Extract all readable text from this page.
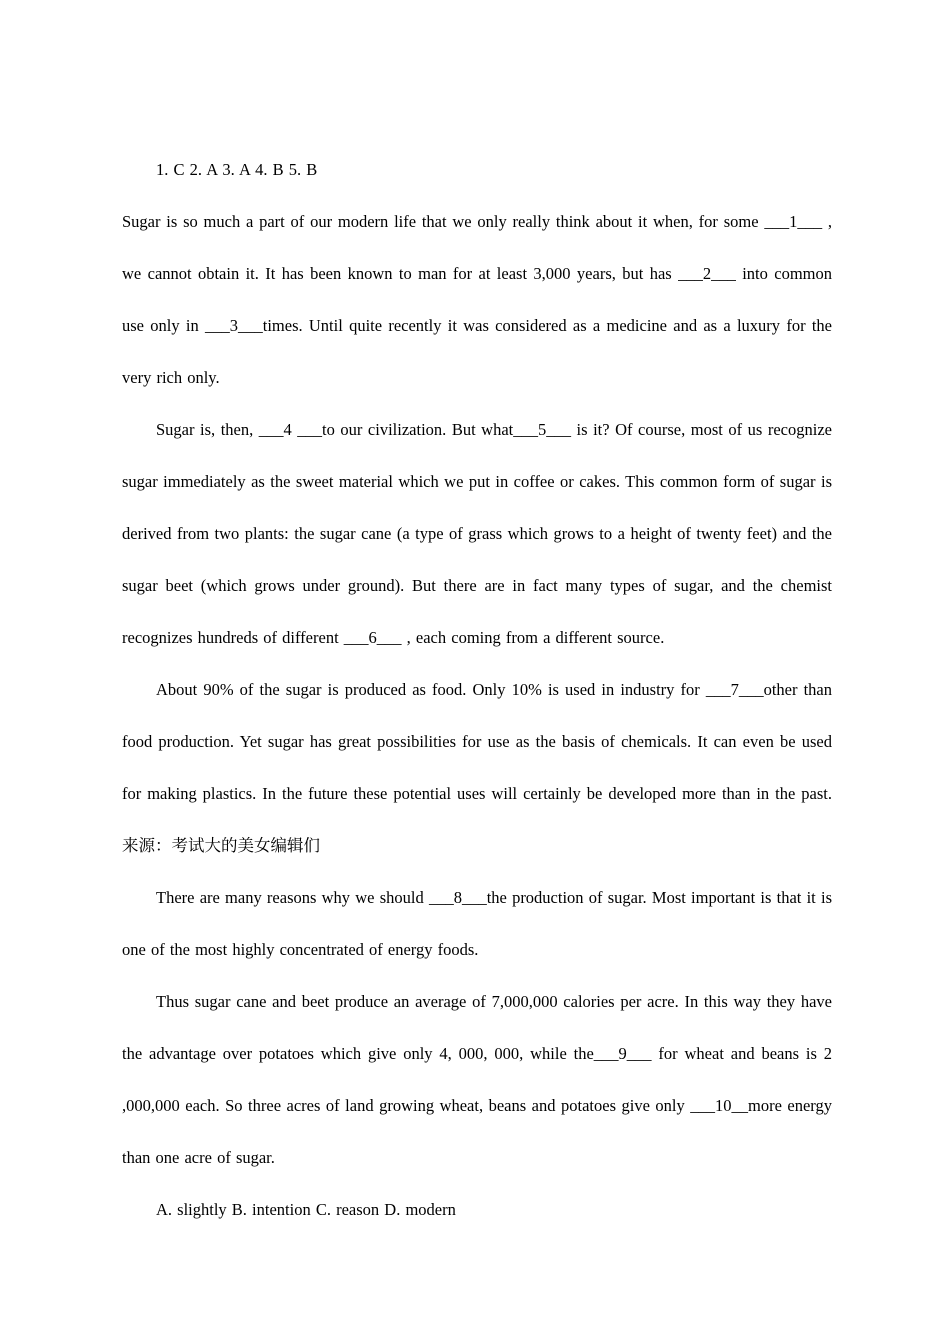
1. C 2. A 3. A 4. B 5. B

Sugar is so much a part of our modern life that we only really think about it when, for some ___1___ , we cannot obtain it. It has been known to man for at least 3,000 years, but has ___2___ into common use only in ___3___times. Until quite recently it was considered as a medicine and as a luxury for the very rich only.

Sugar is, then, ___4 ___to our civilization. But what___5___ is it? Of course, most of us recognize sugar immediately as the sweet material which we put in coffee or cakes. This common form of sugar is derived from two plants: the sugar cane (a type of grass which grows to a height of twenty feet) and the sugar beet (which grows under ground). But there are in fact many types of sugar, and the chemist recognizes hundreds of different ___6___ , each coming from a different source.

About 90% of the sugar is produced as food. Only 10% is used in industry for ___7___other than food production. Yet sugar has great possibilities for use as the basis of chemicals. It can even be used for making plastics. In the future these potential uses will certainly be developed more than in the past. 来源：考试大的美女编辑们

There are many reasons why we should ___8___the production of sugar. Most important is that it is one of the most highly concentrated of energy foods.

Thus sugar cane and beet produce an average of 7,000,000 calories per acre. In this way they have the advantage over potatoes which give only 4, 000, 000, while the___9___ for wheat and beans is 2 ,000,000 each. So three acres of land growing wheat, beans and potatoes give only ___10__more energy than one acre of sugar.

A. slightly B. intention C. reason D. modern
